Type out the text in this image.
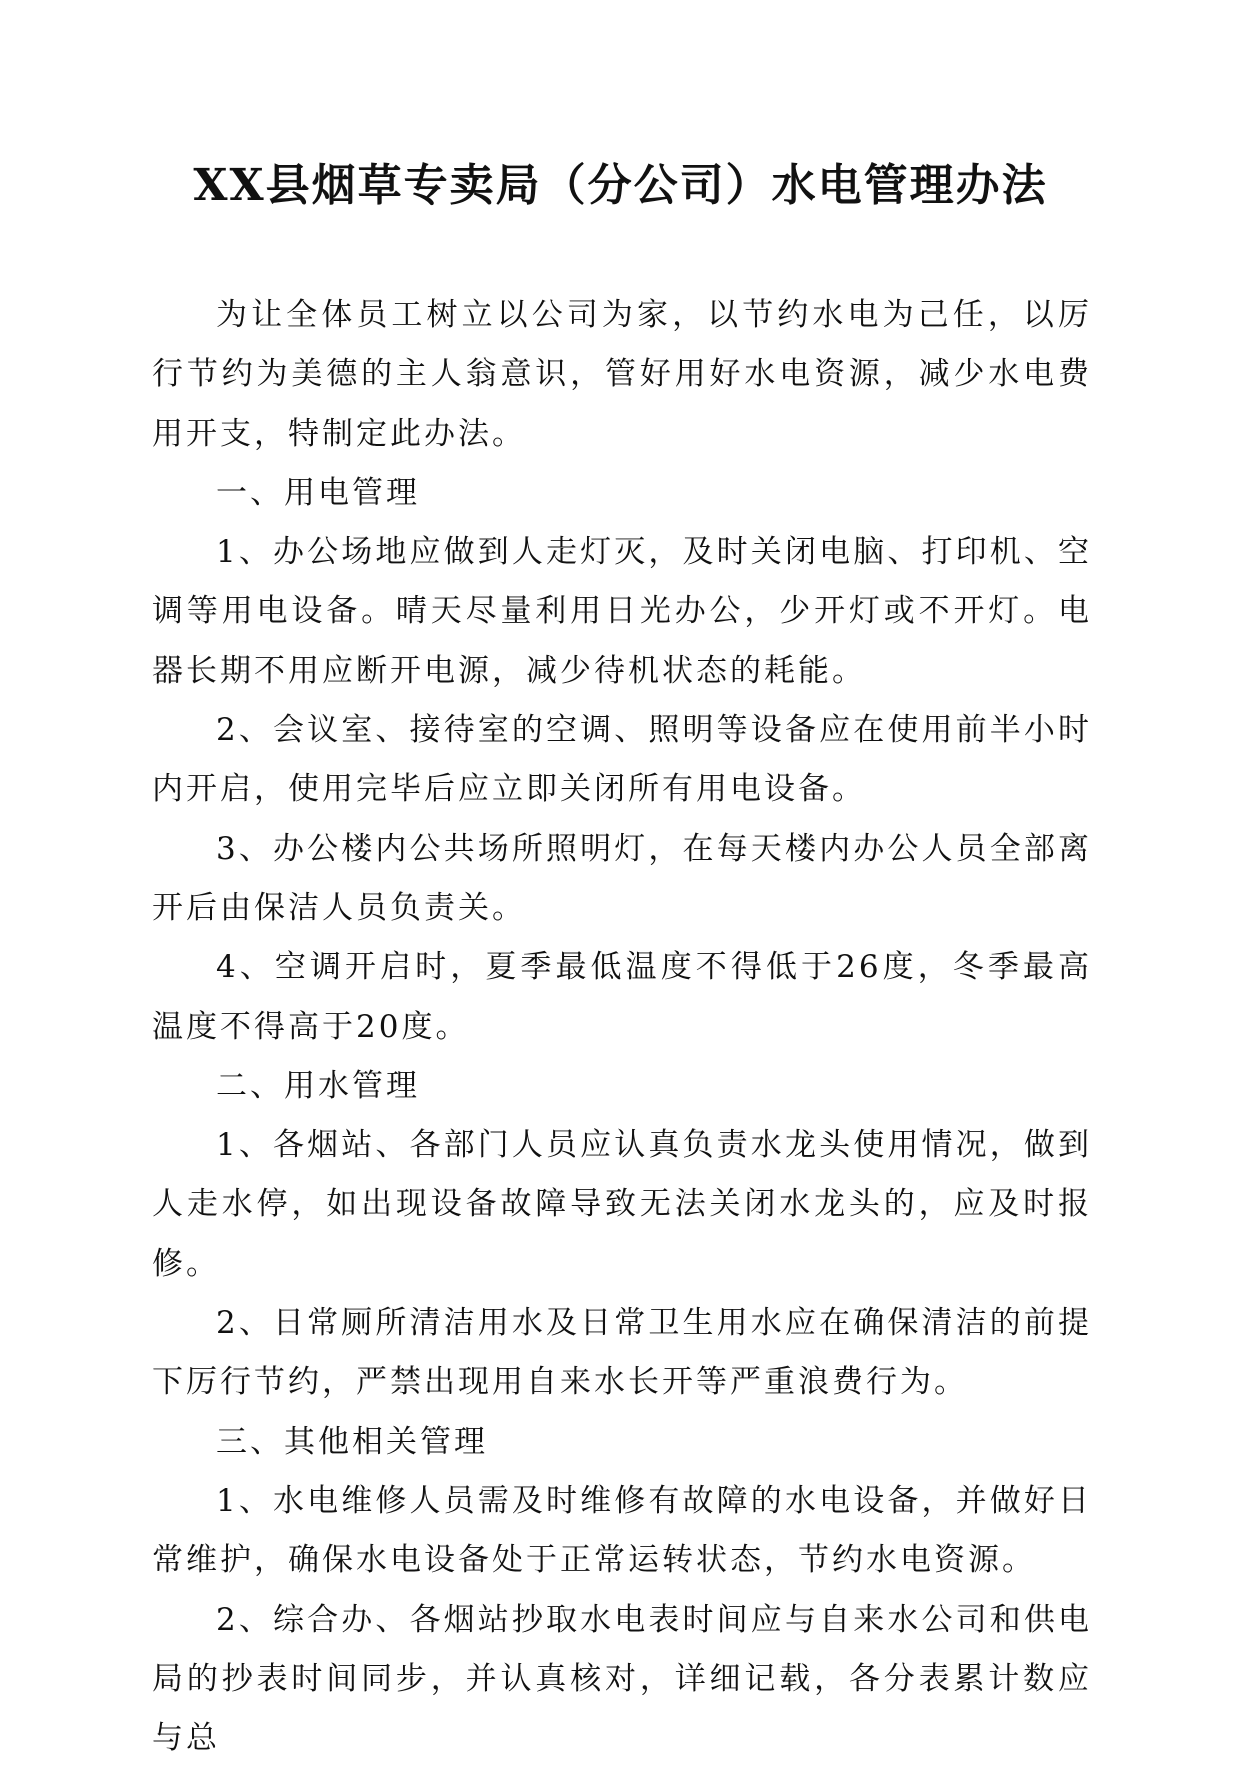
XX县烟草专卖局（分公司）水电管理办法

为让全体员工树立以公司为家，以节约水电为己任，以厉行节约为美德的主人翁意识，管好用好水电资源，减少水电费用开支，特制定此办法。

一、用电管理

1、办公场地应做到人走灯灭，及时关闭电脑、打印机、空调等用电设备。晴天尽量利用日光办公，少开灯或不开灯。电器长期不用应断开电源，减少待机状态的耗能。

2、会议室、接待室的空调、照明等设备应在使用前半小时内开启，使用完毕后应立即关闭所有用电设备。

3、办公楼内公共场所照明灯，在每天楼内办公人员全部离开后由保洁人员负责关。

4、空调开启时，夏季最低温度不得低于26度，冬季最高温度不得高于20度。

二、用水管理

1、各烟站、各部门人员应认真负责水龙头使用情况，做到人走水停，如出现设备故障导致无法关闭水龙头的，应及时报修。

2、日常厕所清洁用水及日常卫生用水应在确保清洁的前提下厉行节约，严禁出现用自来水长开等严重浪费行为。

三、其他相关管理

1、水电维修人员需及时维修有故障的水电设备，并做好日常维护，确保水电设备处于正常运转状态，节约水电资源。

2、综合办、各烟站抄取水电表时间应与自来水公司和供电局的抄表时间同步，并认真核对，详细记载，各分表累计数应与总
